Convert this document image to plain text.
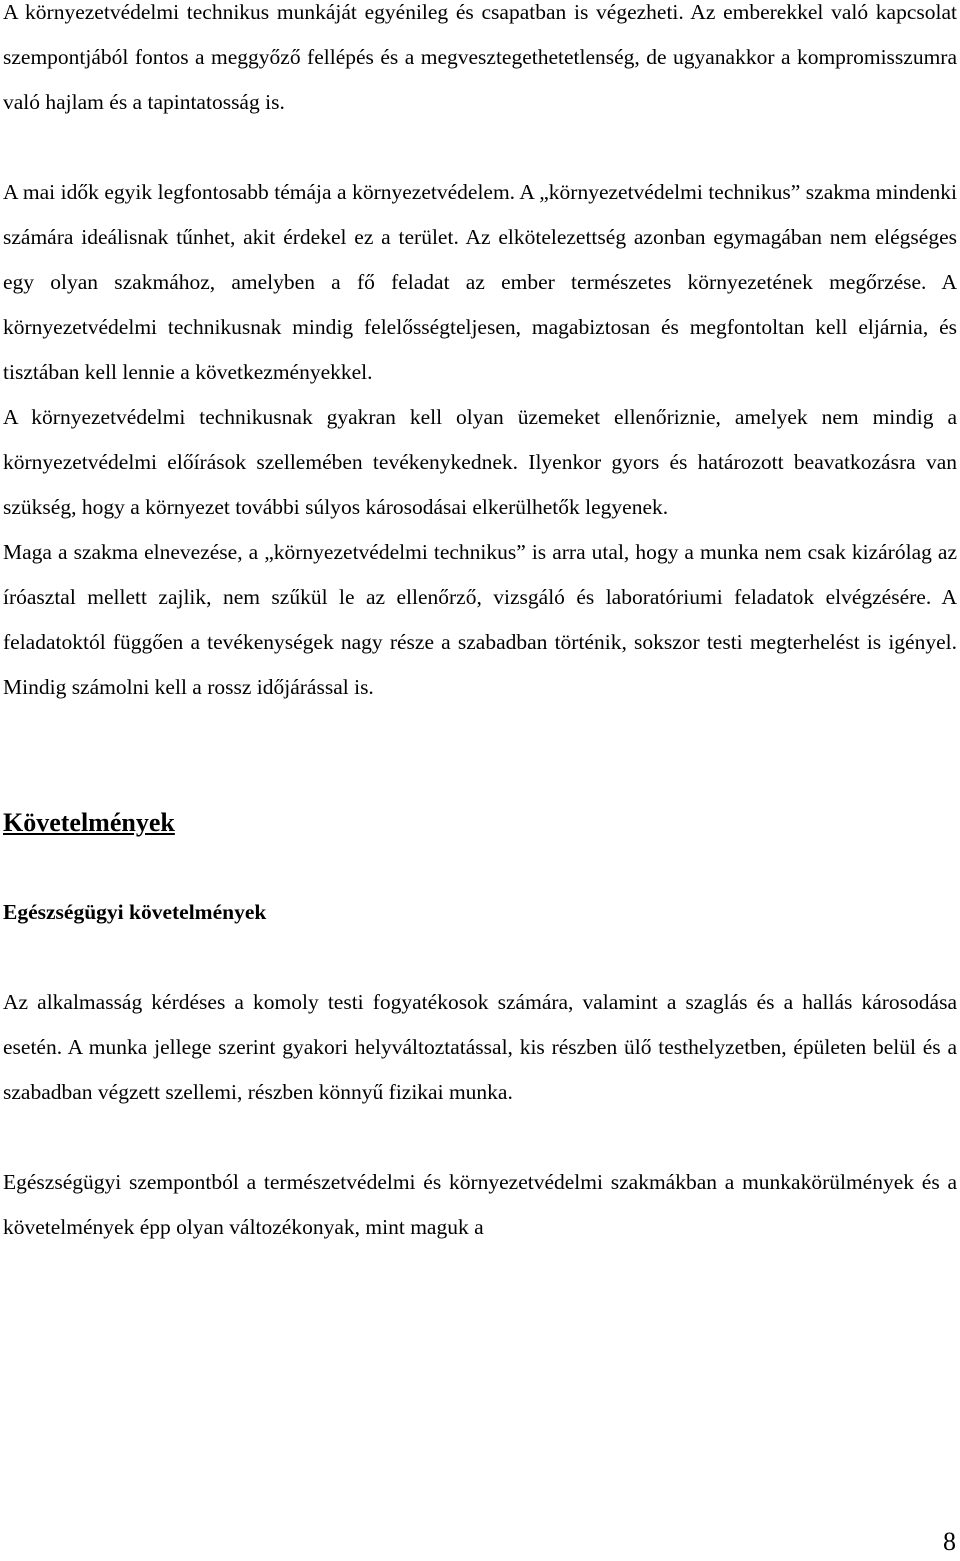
A környezetvédelmi technikus munkáját egyénileg és csapatban is végezheti. Az emberekkel való kapcsolat szempontjából fontos a meggyőző fellépés és a megvesztegethetetlenség, de ugyanakkor a kompromisszumra való hajlam és a tapintatosság is.

A mai idők egyik legfontosabb témája a környezetvédelem. A „környezetvédelmi technikus” szakma mindenki számára ideálisnak tűnhet, akit érdekel ez a terület. Az elkötelezettség azonban egymagában nem elégséges egy olyan szakmához, amelyben a fő feladat az ember természetes környezetének megőrzése. A környezetvédelmi technikusnak mindig felelősségteljesen, magabiztosan és megfontoltan kell eljárnia, és tisztában kell lennie a következményekkel.

A környezetvédelmi technikusnak gyakran kell olyan üzemeket ellenőriznie, amelyek nem mindig a környezetvédelmi előírások szellemében tevékenykednek. Ilyenkor gyors és határozott beavatkozásra van szükség, hogy a környezet további súlyos károsodásai elkerülhetők legyenek.

Maga a szakma elnevezése, a „környezetvédelmi technikus” is arra utal, hogy a munka nem csak kizárólag az íróasztal mellett zajlik, nem szűkül le az ellenőrző, vizsgáló és laboratóriumi feladatok elvégzésére. A feladatoktól függően a tevékenységek nagy része a szabadban történik, sokszor testi megterhelést is igényel. Mindig számolni kell a rossz időjárással is.

Követelmények
Egészségügyi követelmények

Az alkalmasság kérdéses a komoly testi fogyatékosok számára, valamint a szaglás és a hallás károsodása esetén. A munka jellege szerint gyakori helyváltoztatással, kis részben ülő testhelyzetben, épületen belül és a szabadban végzett szellemi, részben könnyű fizikai munka.

Egészségügyi szempontból a természetvédelmi és környezetvédelmi szakmákban a munkakörülmények és a követelmények épp olyan változékonyak, mint maguk a

8
